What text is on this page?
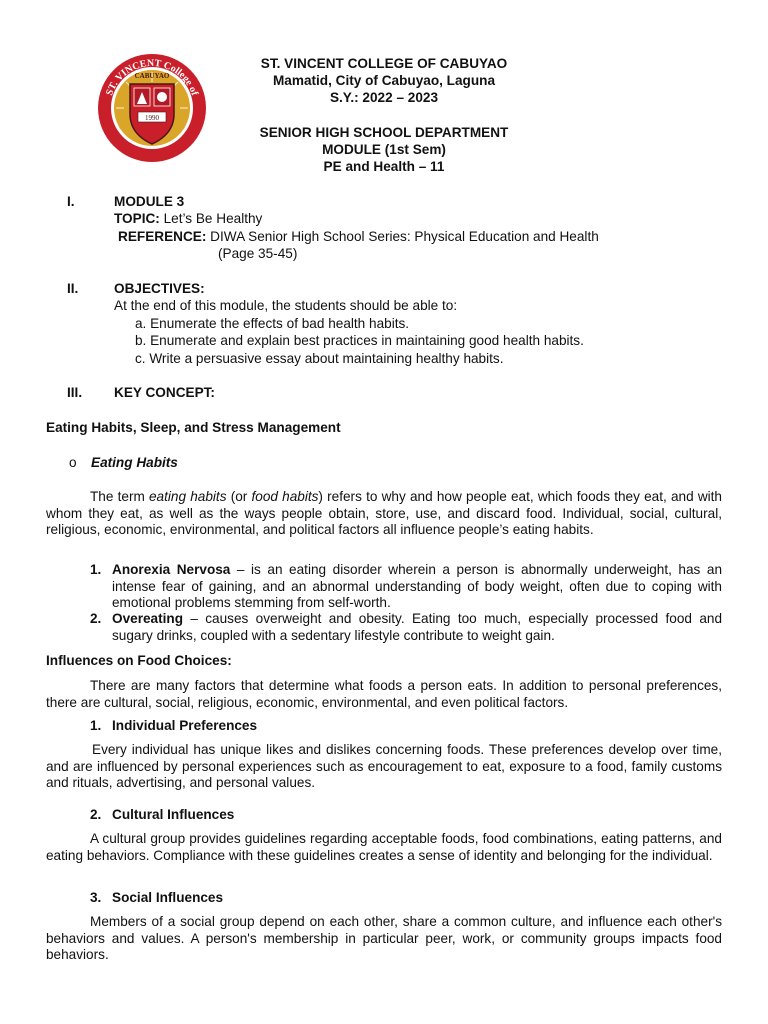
1990
ST. VINCENT College of
CABUYAO
ST. VINCENT COLLEGE OF CABUYAO
Mamatid, City of Cabuyao, Laguna
S.Y.: 2022 – 2023
SENIOR HIGH SCHOOL DEPARTMENT
MODULE (1st Sem)
PE and Health – 11
I.	MODULE 3
TOPIC: Let’s Be Healthy
REFERENCE: DIWA Senior High School Series: Physical Education and Health
(Page 35-45)
II.	OBJECTIVES:
At the end of this module, the students should be able to:
a. Enumerate the effects of bad health habits.
b. Enumerate and explain best practices in maintaining good health habits.
c. Write a persuasive essay about maintaining healthy habits.
III. KEY CONCEPT:
Eating Habits, Sleep, and Stress Management
o Eating Habits
The term eating habits (or food habits) refers to why and how people eat, which foods they eat, and with whom they eat, as well as the ways people obtain, store, use, and discard food. Individual, social, cultural, religious, economic, environmental, and political factors all influence people’s eating habits.
1. Anorexia Nervosa – is an eating disorder wherein a person is abnormally underweight, has an intense fear of gaining, and an abnormal understanding of body weight, often due to coping with emotional problems stemming from self-worth.
2. Overeating – causes overweight and obesity. Eating too much, especially processed food and sugary drinks, coupled with a sedentary lifestyle contribute to weight gain.
Influences on Food Choices:
There are many factors that determine what foods a person eats. In addition to personal preferences, there are cultural, social, religious, economic, environmental, and even political factors.
1. Individual Preferences
Every individual has unique likes and dislikes concerning foods. These preferences develop over time, and are influenced by personal experiences such as encouragement to eat, exposure to a food, family customs and rituals, advertising, and personal values.
2. Cultural Influences
A cultural group provides guidelines regarding acceptable foods, food combinations, eating patterns, and eating behaviors. Compliance with these guidelines creates a sense of identity and belonging for the individual.
3. Social Influences
Members of a social group depend on each other, share a common culture, and influence each other's behaviors and values. A person's membership in particular peer, work, or community groups impacts food behaviors.
